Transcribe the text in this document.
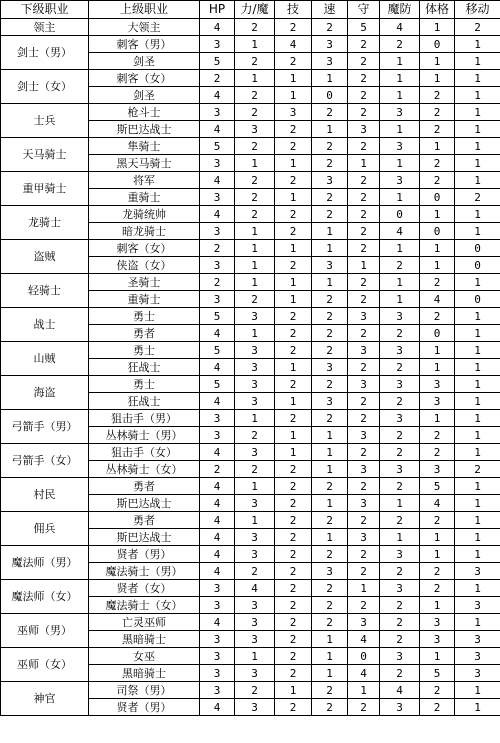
下级职业	上级职业	HP	力/魔	技	速	守	魔防	体格	移动
领主	大领主	4	2	2	2	5	4	1	2
剑士（男）	刺客（男）	3	1	4	3	2	2	0	1
	剑圣	5	2	2	3	2	1	1	1
剑士（女）	刺客（女）	2	1	1	1	2	1	1	1
	剑圣	4	2	1	0	2	1	2	1
士兵	枪斗士	3	2	3	2	2	3	2	1
	斯巴达战士	4	3	2	1	3	1	2	1
天马骑士	隼骑士	5	2	2	2	2	3	1	1
	黑天马骑士	3	1	1	2	1	1	2	1
重甲骑士	将军	4	2	2	3	2	3	2	1
	重骑士	3	2	1	2	2	1	0	2
龙骑士	龙骑统帅	4	2	2	2	2	0	1	1
	暗龙骑士	3	1	2	1	2	4	0	1
盗贼	刺客（女）	2	1	1	1	2	1	1	0
	侠盗（女）	3	1	2	3	1	2	1	0
轻骑士	圣骑士	2	1	1	1	2	1	2	1
	重骑士	3	2	1	2	2	1	4	0
战士	勇士	5	3	2	2	3	3	2	1
	勇者	4	1	2	2	2	2	0	1
山贼	勇士	5	3	2	2	3	3	1	1
	狂战士	4	3	1	3	2	2	1	1
海盗	勇士	5	3	2	2	3	3	3	1
	狂战士	4	3	1	3	2	2	3	1
弓箭手（男）	狙击手（男）	3	1	2	2	2	3	1	1
	丛林骑士（男）	3	2	1	1	3	2	2	1
弓箭手（女）	狙击手（女）	4	3	1	1	2	2	2	1
	丛林骑士（女）	2	2	2	1	3	3	3	2
村民	勇者	4	1	2	2	2	2	5	1
	斯巴达战士	4	3	2	1	3	1	4	1
佣兵	勇者	4	1	2	2	2	2	2	1
	斯巴达战士	4	3	2	1	3	1	1	1
魔法师（男）	贤者（男）	4	3	2	2	2	3	1	1
	魔法骑士（男）	4	2	2	3	2	2	2	3
魔法师（女）	贤者（女）	3	4	2	2	1	3	2	1
	魔法骑士（女）	3	3	2	2	2	2	1	3
巫师（男）	亡灵巫师	4	3	2	2	3	2	3	1
	黑暗骑士	3	3	2	1	4	2	3	3
巫师（女）	女巫	3	1	2	1	0	3	1	3
	黑暗骑士	3	3	2	1	4	2	5	3
神官	司祭（男）	3	2	1	2	1	4	2	1
	贤者（男）	4	3	2	2	2	3	2	1
